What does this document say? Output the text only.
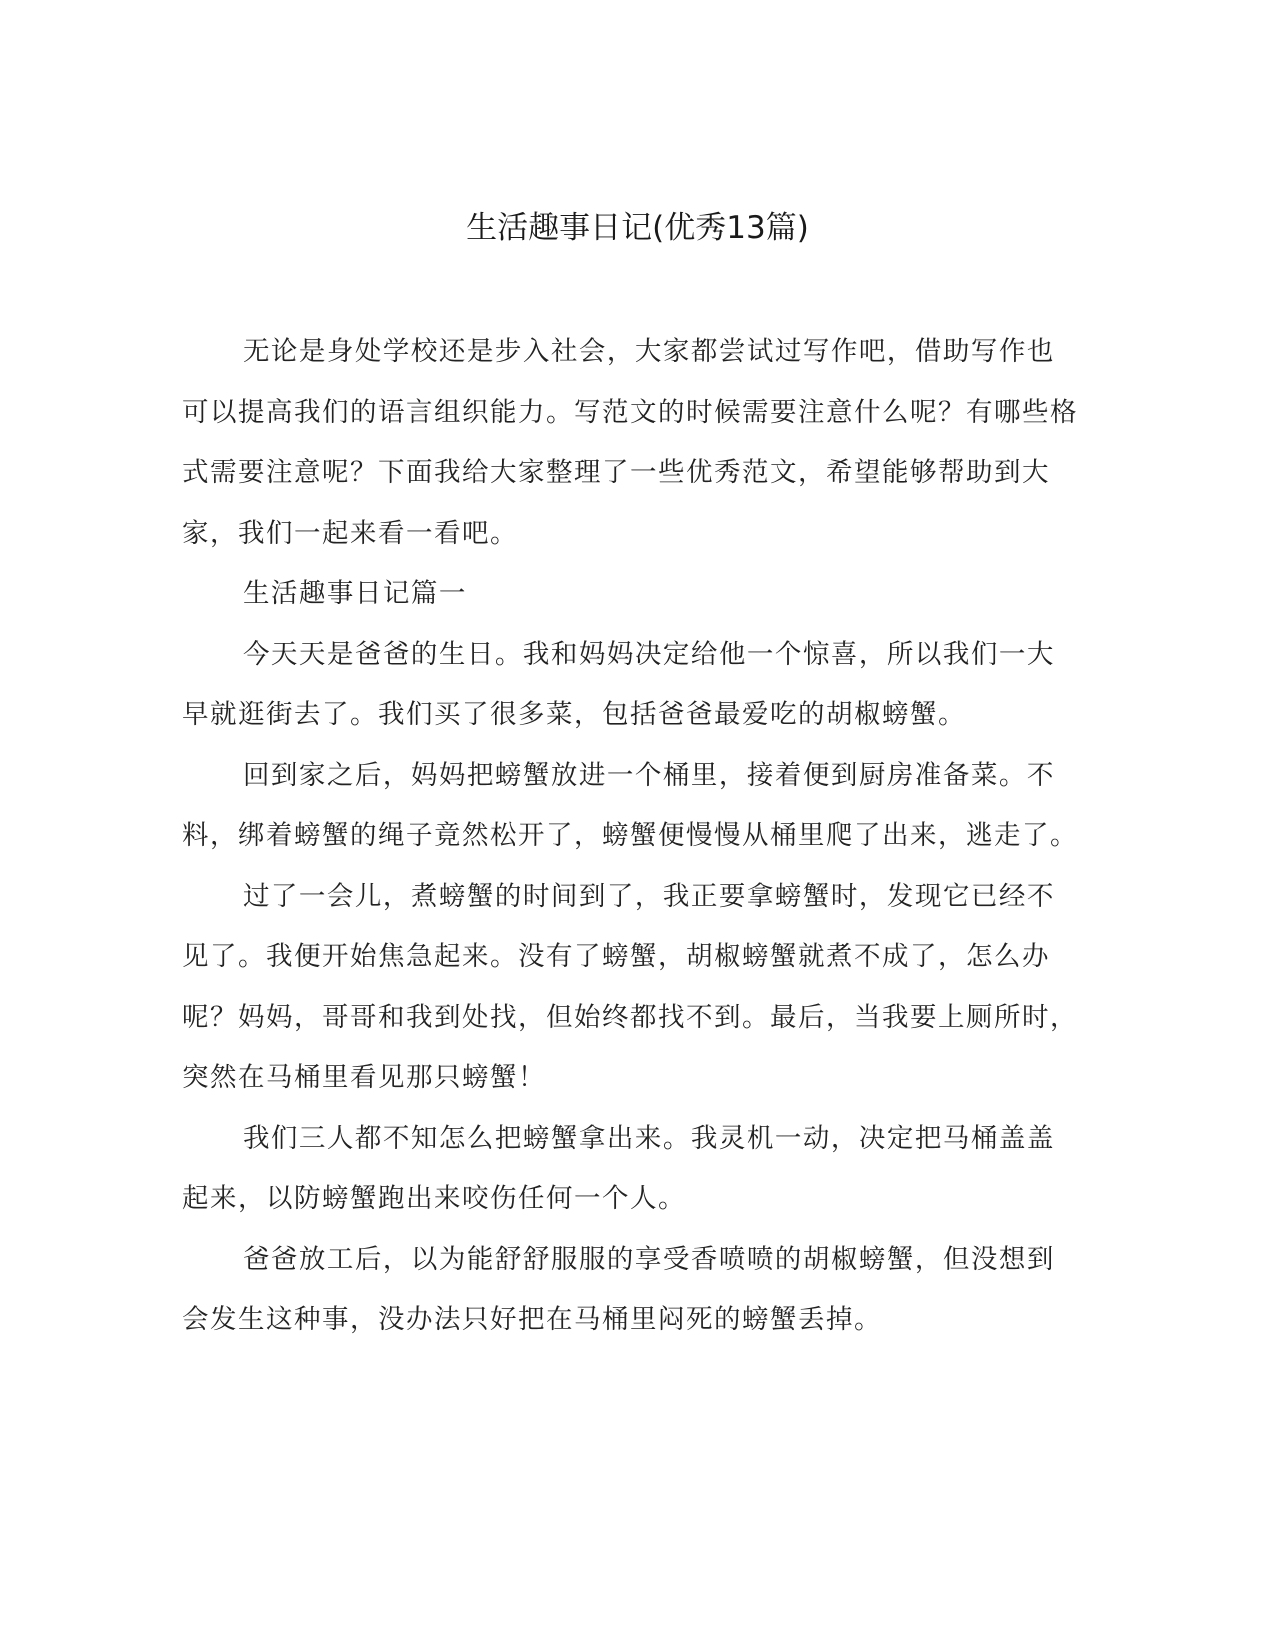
生活趣事日记(优秀13篇)

无论是身处学校还是步入社会，大家都尝试过写作吧，借助写作也可以提高我们的语言组织能力。写范文的时候需要注意什么呢？有哪些格式需要注意呢？下面我给大家整理了一些优秀范文，希望能够帮助到大家，我们一起来看一看吧。

生活趣事日记篇一

今天天是爸爸的生日。我和妈妈决定给他一个惊喜，所以我们一大早就逛街去了。我们买了很多菜，包括爸爸最爱吃的胡椒螃蟹。

回到家之后，妈妈把螃蟹放进一个桶里，接着便到厨房准备菜。不料，绑着螃蟹的绳子竟然松开了，螃蟹便慢慢从桶里爬了出来，逃走了。

过了一会儿，煮螃蟹的时间到了，我正要拿螃蟹时，发现它已经不见了。我便开始焦急起来。没有了螃蟹，胡椒螃蟹就煮不成了，怎么办呢？妈妈，哥哥和我到处找，但始终都找不到。最后，当我要上厕所时，突然在马桶里看见那只螃蟹！

我们三人都不知怎么把螃蟹拿出来。我灵机一动，决定把马桶盖盖起来，以防螃蟹跑出来咬伤任何一个人。

爸爸放工后，以为能舒舒服服的享受香喷喷的胡椒螃蟹，但没想到会发生这种事，没办法只好把在马桶里闷死的螃蟹丢掉。
